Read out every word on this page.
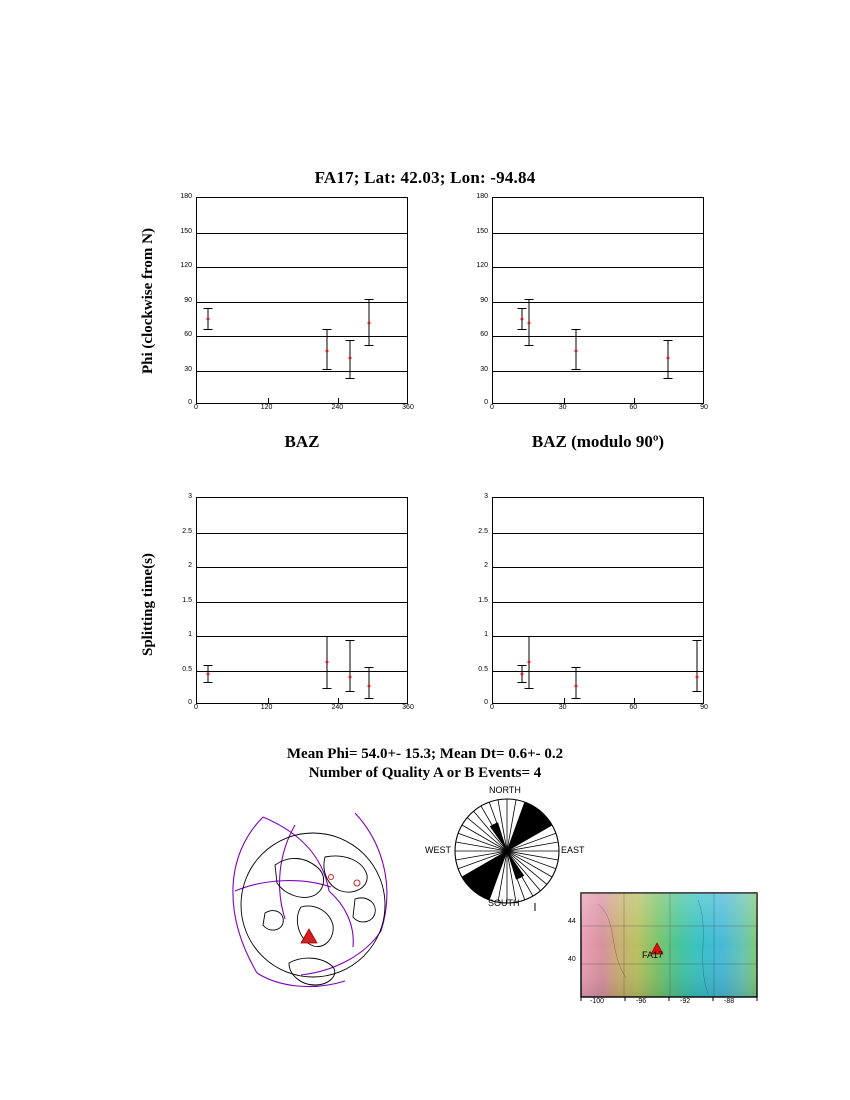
FA17; Lat: 42.03; Lon: -94.84
Phi (clockwise from N)
Splitting time(s)
180
150
120
90
60
30
0
0	120	240	360
180
150
120
90
60
30
0
0	30	60	90
BAZ	BAZ (modulo 90º)
3
2.5
2
1.5
1
0.5
0
0	120	240	360
3
2.5
2
1.5
1
0.5
0
0	30	60	90
Mean Phi= 54.0+- 15.3; Mean Dt= 0.6+- 0.2
Number of Quality A or B Events= 4
NORTH
SOUTH
EAST
WEST
44
40
-100	-96	-92	-88
FA17
